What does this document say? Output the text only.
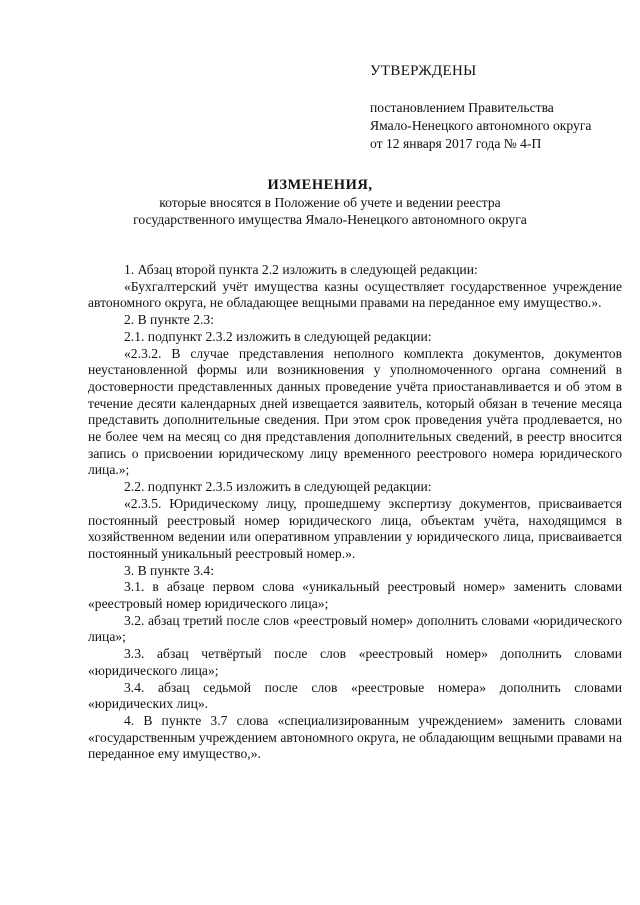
УТВЕРЖДЕНЫ
постановлением Правительства
Ямало-Ненецкого автономного округа
от 12 января 2017 года № 4-П
ИЗМЕНЕНИЯ,
которые вносятся в Положение об учете и ведении реестра государственного имущества Ямало-Ненецкого автономного округа

1. Абзац второй пункта 2.2 изложить в следующей редакции:

«Бухгалтерский учёт имущества казны осуществляет государственное учреждение автономного округа, не обладающее вещными правами на переданное ему имущество.».

2. В пункте 2.3:

2.1. подпункт 2.3.2 изложить в следующей редакции:

«2.3.2. В случае представления неполного комплекта документов, документов неустановленной формы или возникновения у уполномоченного органа сомнений в достоверности представленных данных проведение учёта приостанавливается и об этом в течение десяти календарных дней извещается заявитель, который обязан в течение месяца представить дополнительные сведения. При этом срок проведения учёта продлевается, но не более чем на месяц со дня представления дополнительных сведений, в реестр вносится запись о присвоении юридическому лицу временного реестрового номера юридического лица.»;

2.2. подпункт 2.3.5 изложить в следующей редакции:

«2.3.5. Юридическому лицу, прошедшему экспертизу документов, присваивается постоянный реестровый номер юридического лица, объектам учёта, находящимся в хозяйственном ведении или оперативном управлении у юридического лица, присваивается постоянный уникальный реестровый номер.».

3. В пункте 3.4:

3.1. в абзаце первом слова «уникальный реестровый номер» заменить словами «реестровый номер юридического лица»;

3.2. абзац третий после слов «реестровый номер» дополнить словами «юридического лица»;

3.3. абзац четвёртый после слов «реестровый номер» дополнить словами «юридического лица»;

3.4. абзац седьмой после слов «реестровые номера» дополнить словами «юридических лиц».

4. В пункте 3.7 слова «специализированным учреждением» заменить словами «государственным учреждением автономного округа, не обладающим вещными правами на переданное ему имущество,».
